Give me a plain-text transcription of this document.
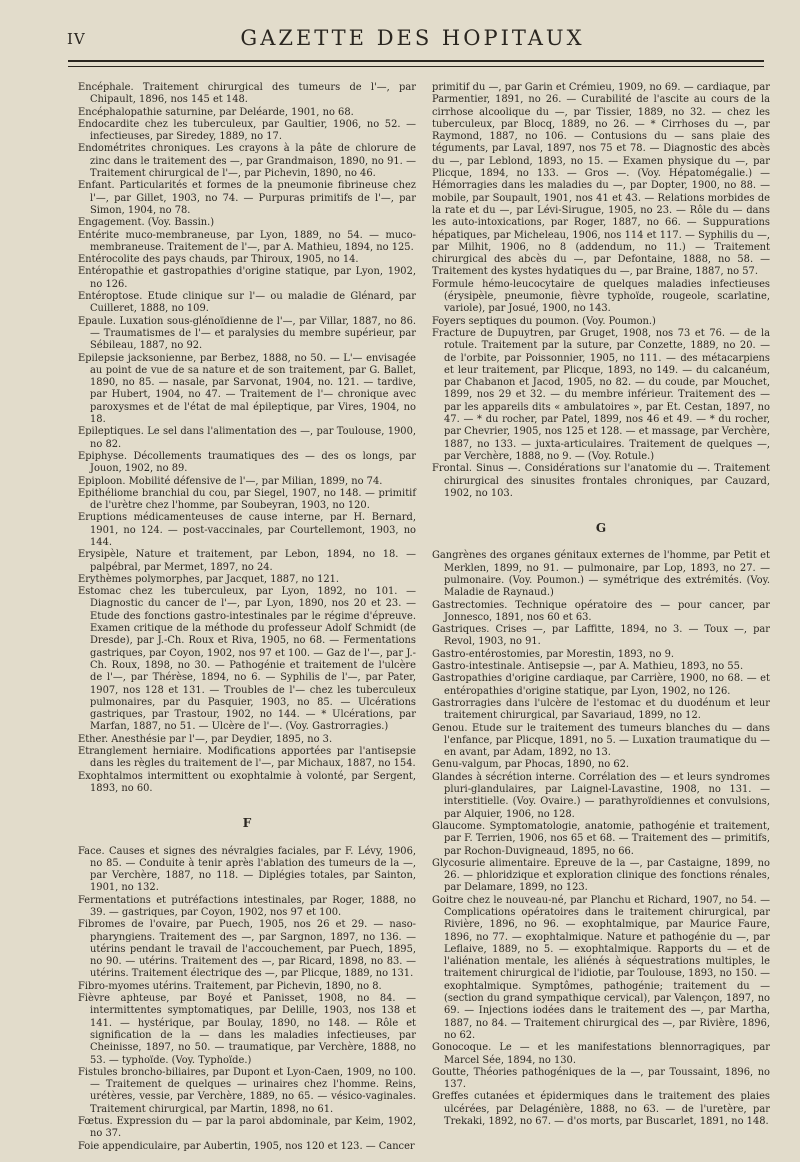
IV	GAZETTE DES HOPITAUX

Encéphale. Traitement chirurgical des tumeurs de l'—, par Chipault, 1896, nos 145 et 148.

Encéphalopathie saturnine, par Deléarde, 1901, no 68.

Endocardite chez les tuberculeux, par Gaultier, 1906, no 52. — infectieuses, par Siredey, 1889, no 17.

Endométrites chroniques. Les crayons à la pâte de chlorure de zinc dans le traitement des —, par Grandmaison, 1890, no 91. — Traitement chirurgical de l'—, par Pichevin, 1890, no 46.

Enfant. Particularités et formes de la pneumonie fibrineuse chez l'—, par Gillet, 1903, no 74. — Purpuras primitifs de l'—, par Simon, 1904, no 78.

Engagement. (Voy. Bassin.)

Entérite muco-membraneuse, par Lyon, 1889, no 54. — muco-membraneuse. Traitement de l'—, par A. Mathieu, 1894, no 125.

Entérocolite des pays chauds, par Thiroux, 1905, no 14.

Entéropathie et gastropathies d'origine statique, par Lyon, 1902, no 126.

Entéroptose. Etude clinique sur l'— ou maladie de Glénard, par Cuilleret, 1888, no 109.

Epaule. Luxation sous-glénoïdienne de l'—, par Villar, 1887, no 86. — Traumatismes de l'— et paralysies du membre supérieur, par Sébileau, 1887, no 92.

Epilepsie jacksonienne, par Berbez, 1888, no 50. — L'— envisagée au point de vue de sa nature et de son traitement, par G. Ballet, 1890, no 85. — nasale, par Sarvonat, 1904, no. 121. — tardive, par Hubert, 1904, no 47. — Traitement de l'— chronique avec paroxysmes et de l'état de mal épileptique, par Vires, 1904, no 18.

Epileptiques. Le sel dans l'alimentation des —, par Toulouse, 1900, no 82.

Epiphyse. Décollements traumatiques des — des os longs, par Jouon, 1902, no 89.

Epiploon. Mobilité défensive de l'—, par Milian, 1899, no 74.

Epithéliome branchial du cou, par Siegel, 1907, no 148. — primitif de l'urètre chez l'homme, par Soubeyran, 1903, no 120.

Eruptions médicamenteuses de cause interne, par H. Bernard, 1901, no 124. — post-vaccinales, par Courtellemont, 1903, no 144.

Erysipèle, Nature et traitement, par Lebon, 1894, no 18. — palpébral, par Mermet, 1897, no 24.

Erythèmes polymorphes, par Jacquet, 1887, no 121.

Estomac chez les tuberculeux, par Lyon, 1892, no 101. — Diagnostic du cancer de l'—, par Lyon, 1890, nos 20 et 23. — Etude des fonctions gastro-intestinales par le régime d'épreuve. Examen critique de la méthode du professeur Adolf Schmidt (de Dresde), par J.-Ch. Roux et Riva, 1905, no 68. — Fermentations gastriques, par Coyon, 1902, nos 97 et 100. — Gaz de l'—, par J.-Ch. Roux, 1898, no 30. — Pathogénie et traitement de l'ulcère de l'—, par Thérèse, 1894, no 6. — Syphilis de l'—, par Pater, 1907, nos 128 et 131. — Troubles de l'— chez les tuberculeux pulmonaires, par du Pasquier, 1903, no 85. — Ulcérations gastriques, par Trastour, 1902, no 144. — * Ulcérations, par Marfan, 1887, no 51. — Ulcère de l'—. (Voy. Gastrorragies.)

Ether. Anesthésie par l'—, par Deydier, 1895, no 3.

Etranglement herniaire. Modifications apportées par l'antisepsie dans les règles du traitement de l'—, par Michaux, 1887, no 154.

Exophtalmos intermittent ou exophtalmie à volonté, par Sergent, 1893, no 60.

F

Face. Causes et signes des névralgies faciales, par F. Lévy, 1906, no 85. — Conduite à tenir après l'ablation des tumeurs de la —, par Verchère, 1887, no 118. — Diplégies totales, par Sainton, 1901, no 132.

Fermentations et putréfactions intestinales, par Roger, 1888, no 39. — gastriques, par Coyon, 1902, nos 97 et 100.

Fibromes de l'ovaire, par Puech, 1905, nos 26 et 29. — naso-pharyngiens. Traitement des —, par Sargnon, 1897, no 136. — utérins pendant le travail de l'accouchement, par Puech, 1895, no 90. — utérins. Traitement des —, par Ricard, 1898, no 83. — utérins. Traitement électrique des —, par Plicque, 1889, no 131.

Fibro-myomes utérins. Traitement, par Pichevin, 1890, no 8.

Fièvre aphteuse, par Boyé et Panisset, 1908, no 84. — intermittentes symptomatiques, par Delille, 1903, nos 138 et 141. — hystérique, par Boulay, 1890, no 148. — Rôle et signification de la — dans les maladies infectieuses, par Cheinisse, 1897, no 50. — traumatique, par Verchère, 1888, no 53. — typhoïde. (Voy. Typhoïde.)

Fistules broncho-biliaires, par Dupont et Lyon-Caen, 1909, no 100. — Traitement de quelques — urinaires chez l'homme. Reins, urétères, vessie, par Verchère, 1889, no 65. — vésico-vaginales. Traitement chirurgical, par Martin, 1898, no 61.

Fœtus. Expression du — par la paroi abdominale, par Keim, 1902, no 37.

Foie appendiculaire, par Aubertin, 1905, nos 120 et 123. — Cancer

primitif du —, par Garin et Crémieu, 1909, no 69. — cardiaque, par Parmentier, 1891, no 26. — Curabilité de l'ascite au cours de la cirrhose alcoolique du —, par Tissier, 1889, no 32. — chez les tuberculeux, par Blocq, 1889, no 26. — * Cirrhoses du —, par Raymond, 1887, no 106. — Contusions du — sans plaie des téguments, par Laval, 1897, nos 75 et 78. — Diagnostic des abcès du —, par Leblond, 1893, no 15. — Examen physique du —, par Plicque, 1894, no 133. — Gros —. (Voy. Hépatomégalie.) — Hémorragies dans les maladies du —, par Dopter, 1900, no 88. — mobile, par Soupault, 1901, nos 41 et 43. — Relations morbides de la rate et du —, par Lévi-Sirugue, 1905, no 23. — Rôle du — dans les auto-intoxications, par Roger, 1887, no 66. — Suppurations hépatiques, par Micheleau, 1906, nos 114 et 117. — Syphilis du —, par Milhit, 1906, no 8 (addendum, no 11.) — Traitement chirurgical des abcès du —, par Defontaine, 1888, no 58. — Traitement des kystes hydatiques du —, par Braine, 1887, no 57.

Formule hémo-leucocytaire de quelques maladies infectieuses (érysipèle, pneumonie, fièvre typhoïde, rougeole, scarlatine, variole), par Josué, 1900, no 143.

Foyers septiques du poumon. (Voy. Poumon.)

Fracture de Dupuytren, par Gruget, 1908, nos 73 et 76. — de la rotule. Traitement par la suture, par Conzette, 1889, no 20. — de l'orbite, par Poissonnier, 1905, no 111. — des métacarpiens et leur traitement, par Plicque, 1893, no 149. — du calcanéum, par Chabanon et Jacod, 1905, no 82. — du coude, par Mouchet, 1899, nos 29 et 32. — du membre inférieur. Traitement des — par les appareils dits « ambulatoires », par Et. Cestan, 1897, no 47. — * du rocher, par Patel, 1899, nos 46 et 49. — * du rocher, par Chevrier, 1905, nos 125 et 128. — et massage, par Verchère, 1887, no 133. — juxta-articulaires. Traitement de quelques —, par Verchère, 1888, no 9. — (Voy. Rotule.)

Frontal. Sinus —. Considérations sur l'anatomie du —. Traitement chirurgical des sinusites frontales chroniques, par Cauzard, 1902, no 103.

G

Gangrènes des organes génitaux externes de l'homme, par Petit et Merklen, 1899, no 91. — pulmonaire, par Lop, 1893, no 27. — pulmonaire. (Voy. Poumon.) — symétrique des extrémités. (Voy. Maladie de Raynaud.)

Gastrectomies. Technique opératoire des — pour cancer, par Jonnesco, 1891, nos 60 et 63.

Gastriques. Crises —, par Laffitte, 1894, no 3. — Toux —, par Revol, 1903, no 91.

Gastro-entérostomies, par Morestin, 1893, no 9.

Gastro-intestinale. Antisepsie —, par A. Mathieu, 1893, no 55.

Gastropathies d'origine cardiaque, par Carrière, 1900, no 68. — et entéropathies d'origine statique, par Lyon, 1902, no 126.

Gastrorragies dans l'ulcère de l'estomac et du duodénum et leur traitement chirurgical, par Savariaud, 1899, no 12.

Genou. Etude sur le traitement des tumeurs blanches du — dans l'enfance, par Plicque, 1891, no 5. — Luxation traumatique du — en avant, par Adam, 1892, no 13.

Genu-valgum, par Phocas, 1890, no 62.

Glandes à sécrétion interne. Corrélation des — et leurs syndromes pluri-glandulaires, par Laignel-Lavastine, 1908, no 131. — interstitielle. (Voy. Ovaire.) — parathyroïdiennes et convulsions, par Alquier, 1906, no 128.

Glaucome. Symptomatologie, anatomie, pathogénie et traitement, par F. Terrien, 1906, nos 65 et 68. — Traitement des — primitifs, par Rochon-Duvigneaud, 1895, no 66.

Glycosurie alimentaire. Epreuve de la —, par Castaigne, 1899, no 26. — phloridzique et exploration clinique des fonctions rénales, par Delamare, 1899, no 123.

Goitre chez le nouveau-né, par Planchu et Richard, 1907, no 54. — Complications opératoires dans le traitement chirurgical, par Rivière, 1896, no 96. — exophtalmique, par Maurice Faure, 1896, no 77. — exophtalmique. Nature et pathogénie du —, par Leflaive, 1889, no 5. — exophtalmique. Rapports du — et de l'aliénation mentale, les aliénés à séquestrations multiples, le traitement chirurgical de l'idiotie, par Toulouse, 1893, no 150. — exophtalmique. Symptômes, pathogénie; traitement du — (section du grand sympathique cervical), par Valençon, 1897, no 69. — Injections iodées dans le traitement des —, par Martha, 1887, no 84. — Traitement chirurgical des —, par Rivière, 1896, no 62.

Gonocoque. Le — et les manifestations blennorragiques, par Marcel Sée, 1894, no 130.

Goutte, Théories pathogéniques de la —, par Toussaint, 1896, no 137.

Greffes cutanées et épidermiques dans le traitement des plaies ulcérées, par Delagénière, 1888, no 63. — de l'uretère, par Trekaki, 1892, no 67. — d'os morts, par Buscarlet, 1891, no 148.
